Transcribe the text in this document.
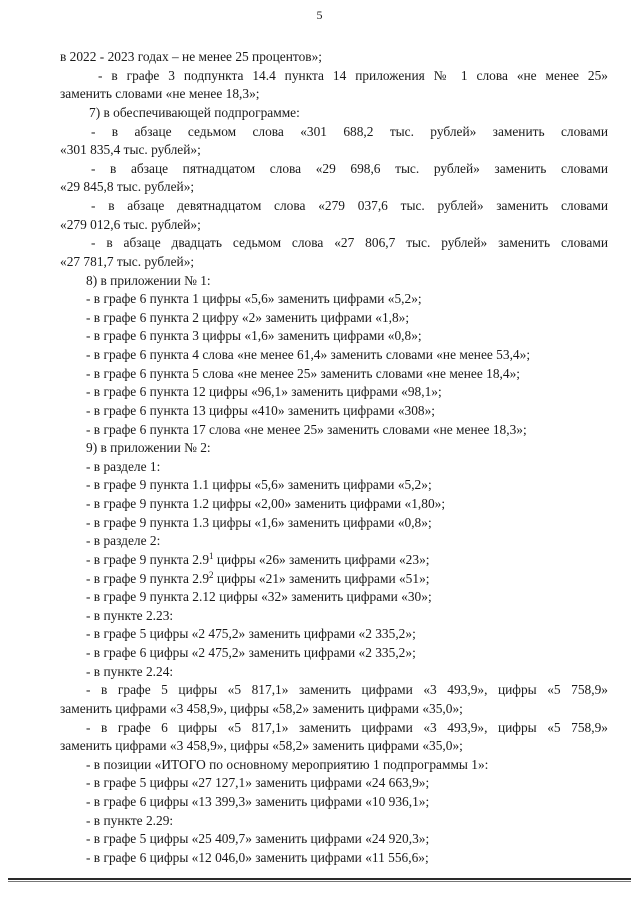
5
в 2022 - 2023 годах – не менее 25 процентов»;
- в графе 3 подпункта 14.4 пункта 14 приложения № 1 слова «не менее 25»
заменить словами «не менее 18,3»;
7) в обеспечивающей подпрограмме:
- в абзаце седьмом слова «301 688,2 тыс. рублей» заменить словами
«301 835,4 тыс. рублей»;
- в абзаце пятнадцатом слова «29 698,6 тыс. рублей» заменить словами
«29 845,8 тыс. рублей»;
- в абзаце девятнадцатом слова «279 037,6 тыс. рублей» заменить словами
«279 012,6 тыс. рублей»;
- в абзаце двадцать седьмом слова «27 806,7 тыс. рублей» заменить словами
«27 781,7 тыс. рублей»;
8) в приложении № 1:
- в графе 6 пункта 1 цифры «5,6» заменить цифрами «5,2»;
- в графе 6 пункта 2 цифру «2» заменить цифрами «1,8»;
- в графе 6 пункта 3 цифры «1,6» заменить цифрами «0,8»;
- в графе 6 пункта 4 слова «не менее 61,4» заменить словами «не менее 53,4»;
- в графе 6 пункта 5 слова «не менее 25» заменить словами «не менее 18,4»;
- в графе 6 пункта 12 цифры «96,1» заменить цифрами «98,1»;
- в графе 6 пункта 13 цифры «410» заменить цифрами «308»;
- в графе 6 пункта 17 слова «не менее 25» заменить словами «не менее 18,3»;
9) в приложении № 2:
- в разделе 1:
- в графе 9 пункта 1.1 цифры «5,6» заменить цифрами «5,2»;
- в графе 9 пункта 1.2 цифры «2,00» заменить цифрами «1,80»;
- в графе 9 пункта 1.3 цифры «1,6» заменить цифрами «0,8»;
- в разделе 2:
- в графе 9 пункта $2.9^1$ цифры «26» заменить цифрами «23»;
- в графе 9 пункта $2.9^2$ цифры «21» заменить цифрами «51»;
- в графе 9 пункта 2.12 цифры «32» заменить цифрами «30»;
- в пункте 2.23:
- в графе 5 цифры «2 475,2» заменить цифрами «2 335,2»;
- в графе 6 цифры «2 475,2» заменить цифрами «2 335,2»;
- в пункте 2.24:
- в графе 5 цифры «5 817,1» заменить цифрами «3 493,9», цифры «5 758,9»
заменить цифрами «3 458,9», цифры «58,2» заменить цифрами «35,0»;
- в графе 6 цифры «5 817,1» заменить цифрами «3 493,9», цифры «5 758,9»
заменить цифрами «3 458,9», цифры «58,2» заменить цифрами «35,0»;
- в позиции «ИТОГО по основному мероприятию 1 подпрограммы 1»:
- в графе 5 цифры «27 127,1» заменить цифрами «24 663,9»;
- в графе 6 цифры «13 399,3» заменить цифрами «10 936,1»;
- в пункте 2.29:
- в графе 5 цифры «25 409,7» заменить цифрами «24 920,3»;
- в графе 6 цифры «12 046,0» заменить цифрами «11 556,6»;
